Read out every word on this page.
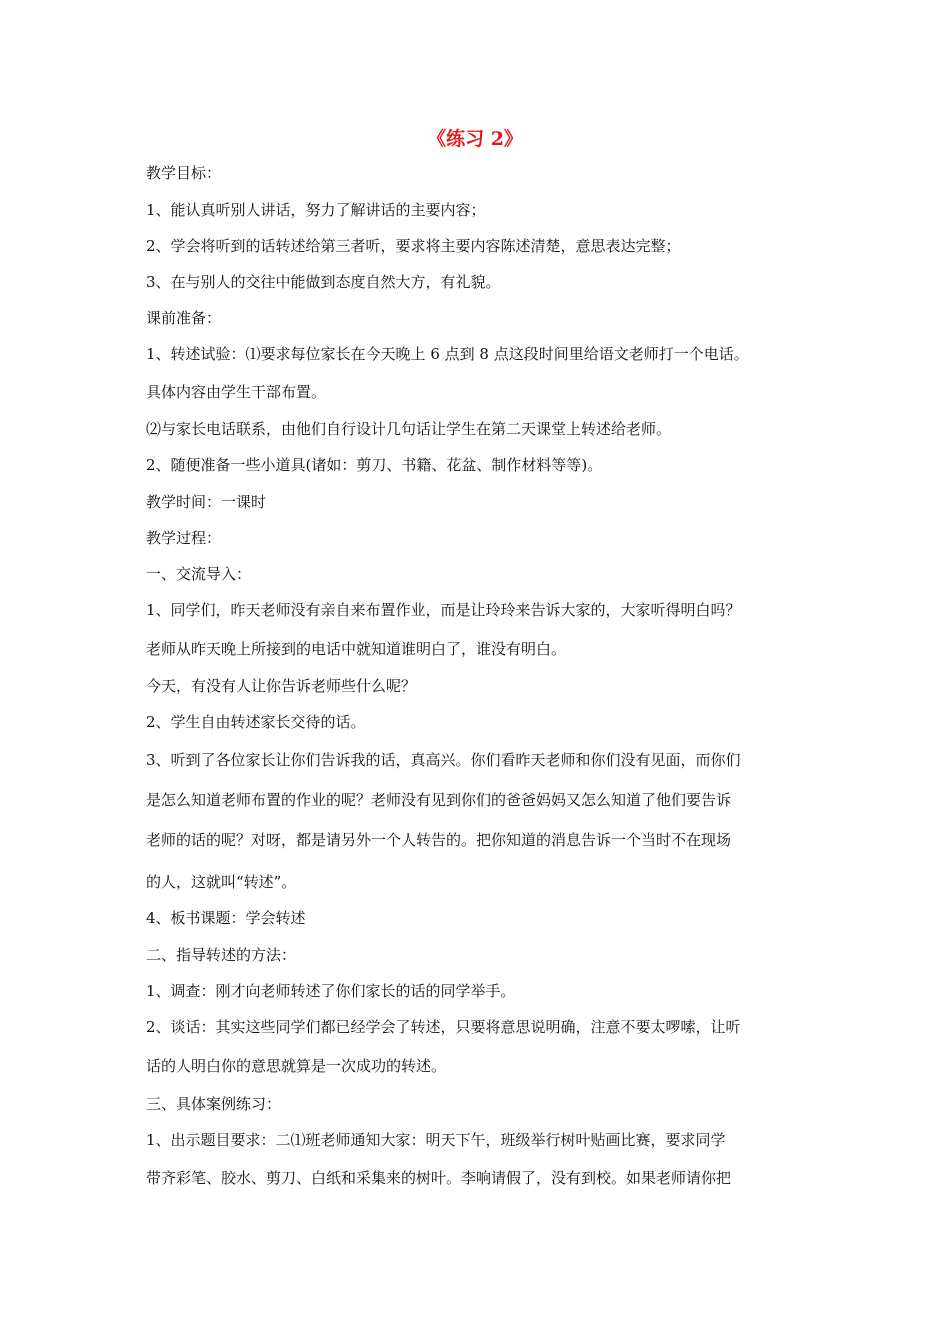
《练习 2》
教学目标：
1、能认真听别人讲话，努力了解讲话的主要内容；
2、学会将听到的话转述给第三者听，要求将主要内容陈述清楚，意思表达完整；
3、在与别人的交往中能做到态度自然大方，有礼貌。
课前准备：
1、转述试验：⑴要求每位家长在今天晚上 6 点到 8 点这段时间里给语文老师打一个电话。
具体内容由学生干部布置。
⑵与家长电话联系，由他们自行设计几句话让学生在第二天课堂上转述给老师。
2、随便准备一些小道具(诸如：剪刀、书籍、花盆、制作材料等等)。
教学时间：一课时
教学过程：
一、交流导入：
1、同学们，昨天老师没有亲自来布置作业，而是让玲玲来告诉大家的，大家听得明白吗？
老师从昨天晚上所接到的电话中就知道谁明白了，谁没有明白。
今天，有没有人让你告诉老师些什么呢？
2、学生自由转述家长交待的话。
3、听到了各位家长让你们告诉我的话，真高兴。你们看昨天老师和你们没有见面，而你们
是怎么知道老师布置的作业的呢？老师没有见到你们的爸爸妈妈又怎么知道了他们要告诉
老师的话的呢？对呀，都是请另外一个人转告的。把你知道的消息告诉一个当时不在现场
的人，这就叫“转述”。
4、板书课题：学会转述
二、指导转述的方法：
1、调查：刚才向老师转述了你们家长的话的同学举手。
2、谈话：其实这些同学们都已经学会了转述，只要将意思说明确，注意不要太啰嗦，让听
话的人明白你的意思就算是一次成功的转述。
三、具体案例练习：
1、出示题目要求：二⑴班老师通知大家：明天下午，班级举行树叶贴画比赛，要求同学
带齐彩笔、胶水、剪刀、白纸和采集来的树叶。李响请假了，没有到校。如果老师请你把
